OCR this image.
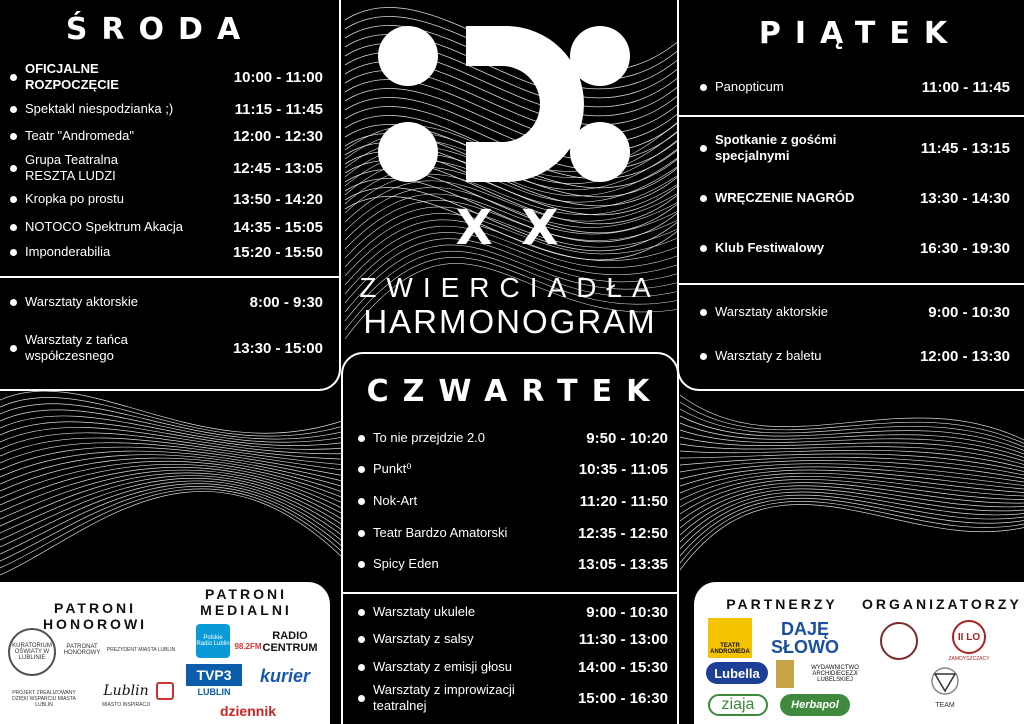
ŚRODA
OFICJALNE ROZPOCZĘCIE	10:00 - 11:00
Spektakl niespodzianka ;)	11:15 - 11:45
Teatr "Andromeda"	12:00 - 12:30
Grupa Teatralna RESZTA LUDZI	12:45 - 13:05
Kropka po prostu	13:50 - 14:20
NOTOCO Spektrum Akacja	14:35 - 15:05
Imponderabilia	15:20 - 15:50
Warsztaty aktorskie	8:00 - 9:30
Warsztaty z tańca współczesnego	13:30 - 15:00
X X
ZWIERCIADŁA
HARMONOGRAM
PIĄTEK
Panopticum	11:00 - 11:45
Spotkanie z gośćmi specjalnymi	11:45 - 13:15
WRĘCZENIE NAGRÓD	13:30 - 14:30
Klub Festiwalowy	16:30 - 19:30
Warsztaty aktorskie	9:00 - 10:30
Warsztaty z baletu	12:00 - 13:30
CZWARTEK
To nie przejdzie 2.0	9:50 - 10:20
Punkt⁰	10:35 - 11:05
Nok-Art	11:20 - 11:50
Teatr Bardzo Amatorski	12:35 - 12:50
Spicy Eden	13:05 - 13:35
Warsztaty ukulele	9:00 - 10:30
Warsztaty z salsy	11:30 - 13:00
Warsztaty z emisji głosu	14:00 - 15:30
Warsztaty z improwizacji teatralnej	15:00 - 16:30
PATRONI HONOROWI
PATRONI MEDIALNI
KURATORIUM OŚWIATY W LUBLINIE
PATRONAT HONOROWY	PREZYDENT MIASTA LUBLIN
PROJEKT ZREALIZOWANY DZIĘKI WSPARCIU MIASTA LUBLIN
Lublin
MIASTO INSPIRACJI
Polskie Radio Lublin 98.2FM
RADIO CENTRUM
TVP3
LUBLIN
kurier
dziennik
PARTNERZY	ORGANIZATORZY
TEATR ANDROMEDA
DAJĘ SŁOWO
Lubella	WYDAWNICTWO ARCHIDIECEZJI LUBELSKIEJ
ziaja	Herbapol
II LO
ZAMOYSZCZACY
TEAM
